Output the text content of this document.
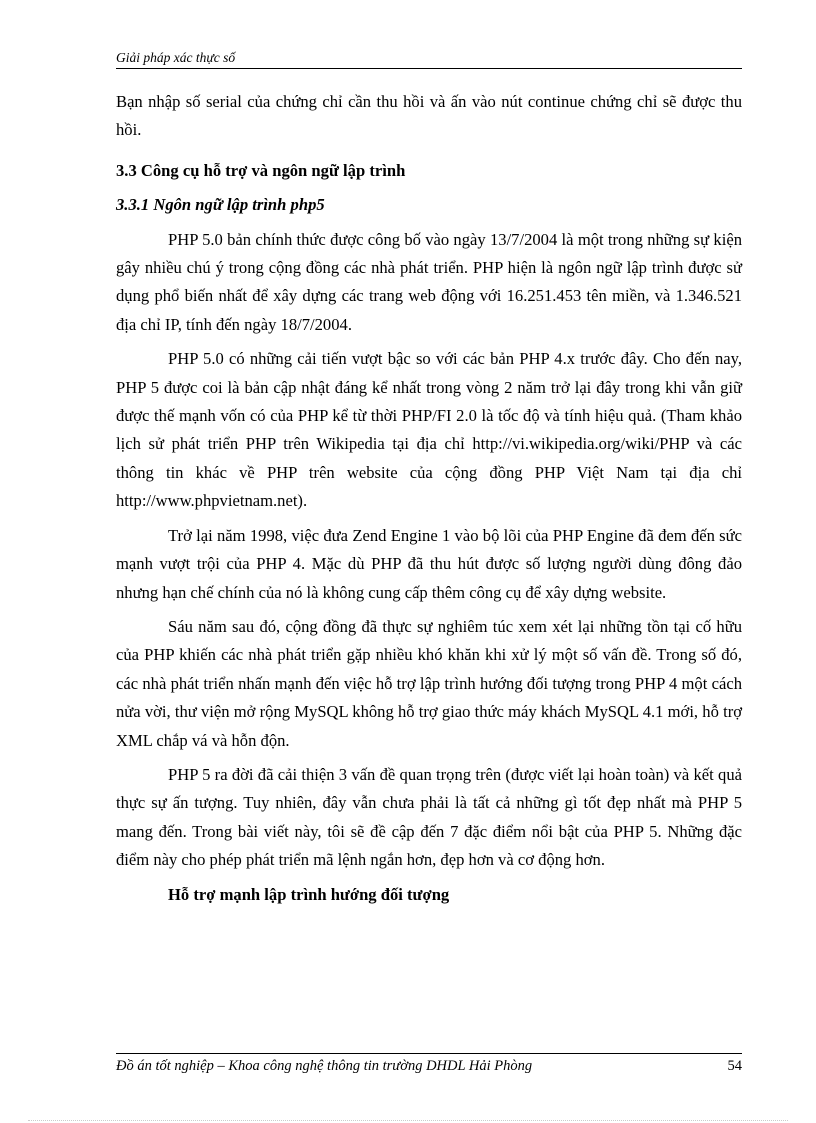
Giải pháp xác thực số

Bạn nhập số serial của chứng chỉ cần thu hồi và ấn vào nút continue chứng chỉ sẽ được thu hồi.

3.3 Công cụ hỗ trợ và ngôn ngữ lập trình
3.3.1 Ngôn ngữ lập trình php5

PHP 5.0 bản chính thức được công bố vào ngày 13/7/2004 là một trong những sự kiện gây nhiều chú ý trong cộng đồng các nhà phát triển. PHP hiện là ngôn ngữ lập trình được sử dụng phổ biến nhất để xây dựng các trang web động với 16.251.453 tên miền, và 1.346.521 địa chỉ IP, tính đến ngày 18/7/2004.

PHP 5.0 có những cải tiến vượt bậc so với các bản PHP 4.x trước đây. Cho đến nay, PHP 5 được coi là bản cập nhật đáng kể nhất trong vòng 2 năm trở lại đây trong khi vẫn giữ được thế mạnh vốn có của PHP kể từ thời PHP/FI 2.0 là tốc độ và tính hiệu quả. (Tham khảo lịch sử phát triển PHP trên Wikipedia tại địa chỉ http://vi.wikipedia.org/wiki/PHP và các thông tin khác về PHP trên website của cộng đồng PHP Việt Nam tại địa chỉ http://www.phpvietnam.net).

Trở lại năm 1998, việc đưa Zend Engine 1 vào bộ lõi của PHP Engine đã đem đến sức mạnh vượt trội của PHP 4. Mặc dù PHP đã thu hút được số lượng người dùng đông đảo nhưng hạn chế chính của nó là không cung cấp thêm công cụ để xây dựng website.

Sáu năm sau đó, cộng đồng đã thực sự nghiêm túc xem xét lại những tồn tại cố hữu của PHP khiến các nhà phát triển gặp nhiều khó khăn khi xử lý một số vấn đề. Trong số đó, các nhà phát triển nhấn mạnh đến việc hỗ trợ lập trình hướng đối tượng trong PHP 4 một cách nửa vời, thư viện mở rộng MySQL không hỗ trợ giao thức máy khách MySQL 4.1 mới, hỗ trợ XML chắp vá và hỗn độn.

PHP 5 ra đời đã cải thiện 3 vấn đề quan trọng trên (được viết lại hoàn toàn) và kết quả thực sự ấn tượng. Tuy nhiên, đây vẫn chưa phải là tất cả những gì tốt đẹp nhất mà PHP 5 mang đến. Trong bài viết này, tôi sẽ đề cập đến 7 đặc điểm nổi bật của PHP 5. Những đặc điểm này cho phép phát triển mã lệnh ngắn hơn, đẹp hơn và cơ động hơn.

Hỗ trợ mạnh lập trình hướng đối tượng
Đồ án tốt nghiệp – Khoa công nghệ thông tin trường DHDL Hải Phòng	54
